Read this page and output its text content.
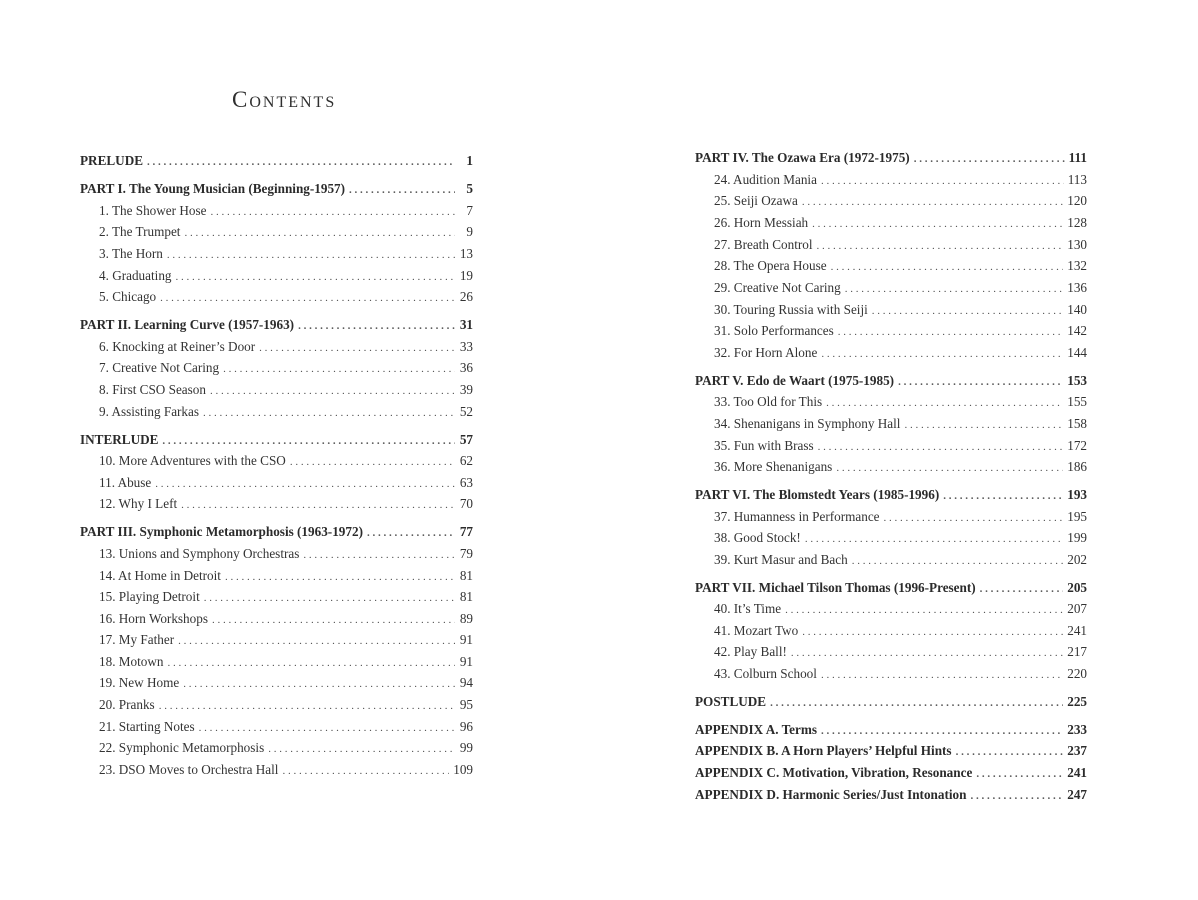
Contents
PRELUDE . . .	1
PART I. The Young Musician (Beginning-1957) . . .	5
1. The Shower Hose . . .	7
2. The Trumpet . . .	9
3. The Horn . . .	13
4. Graduating . . .	19
5. Chicago . . .	26
PART II. Learning Curve (1957-1963) . . .	31
6. Knocking at Reiner’s Door . . .	33
7. Creative Not Caring . . .	36
8. First CSO Season . . .	39
9. Assisting Farkas . . .	52
INTERLUDE . . .	57
10. More Adventures with the CSO . . .	62
11. Abuse . . .	63
12. Why I Left . . .	70
PART III. Symphonic Metamorphosis (1963-1972) . . .	77
13. Unions and Symphony Orchestras . . .	79
14. At Home in Detroit . . .	81
15. Playing Detroit . . .	81
16. Horn Workshops . . .	89
17. My Father . . .	91
18. Motown . . .	91
19. New Home . . .	94
20. Pranks . . .	95
21. Starting Notes . . .	96
22. Symphonic Metamorphosis . . .	99
23. DSO Moves to Orchestra Hall . . .	109
PART IV. The Ozawa Era (1972-1975) . . .	111
24. Audition Mania . . .	113
25. Seiji Ozawa . . .	120
26. Horn Messiah . . .	128
27. Breath Control . . .	130
28. The Opera House . . .	132
29. Creative Not Caring . . .	136
30. Touring Russia with Seiji . . .	140
31. Solo Performances . . .	142
32. For Horn Alone . . .	144
PART V. Edo de Waart (1975-1985) . . .	153
33. Too Old for This . . .	155
34. Shenanigans in Symphony Hall . . .	158
35. Fun with Brass . . .	172
36. More Shenanigans . . .	186
PART VI. The Blomstedt Years (1985-1996) . . .	193
37. Humanness in Performance . . .	195
38. Good Stock! . . .	199
39. Kurt Masur and Bach . . .	202
PART VII. Michael Tilson Thomas (1996-Present) . . .	205
40. It’s Time . . .	207
41. Mozart Two . . .	241
42. Play Ball! . . .	217
43. Colburn School . . .	220
POSTLUDE . . .	225
APPENDIX A. Terms . . .	233
APPENDIX B. A Horn Players’ Helpful Hints . . .	237
APPENDIX C. Motivation, Vibration, Resonance . . .	241
APPENDIX D. Harmonic Series/Just Intonation . . .	247
